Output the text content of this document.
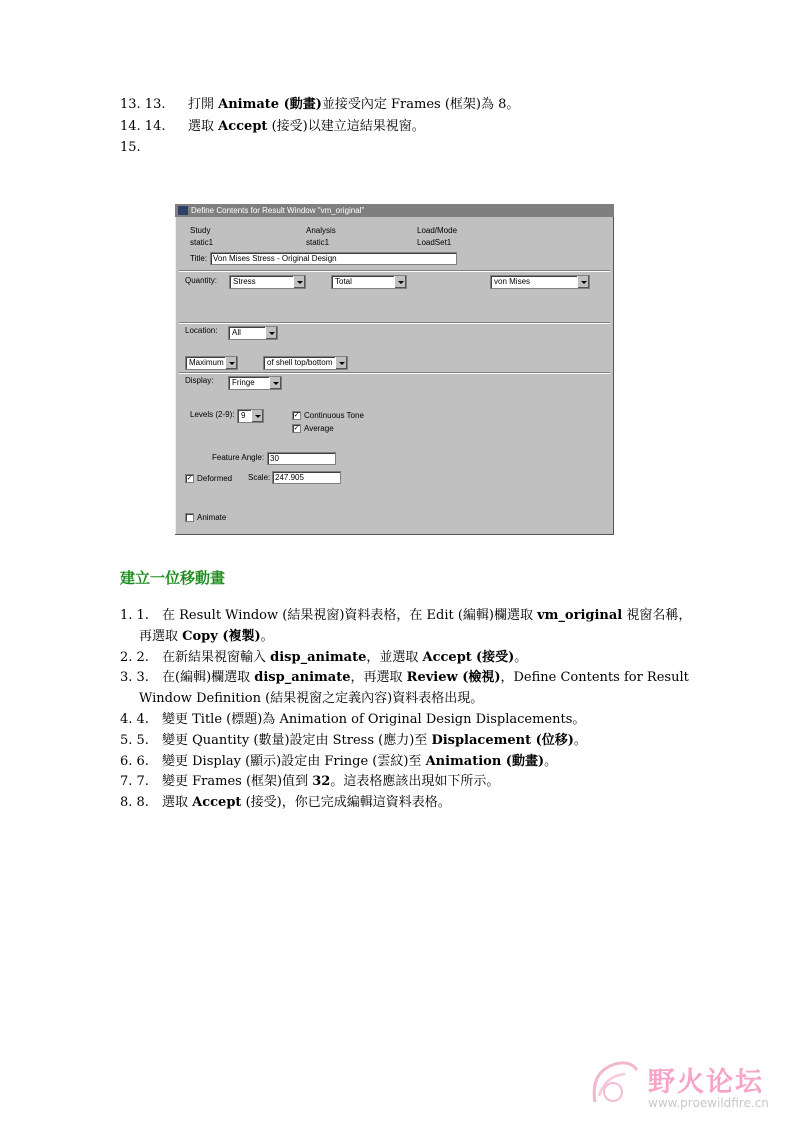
13. 13. 打開 Animate (動畫)並接受內定 Frames (框架)為 8。
14. 14. 選取 Accept (接受)以建立這結果視窗。
15.
Define Contents for Result Window "vm_original"
Study
static1
Analysis
static1
Load/Mode
LoadSet1
Title: Von Mises Stress - Original Design
Quantity:	Stress	Total	von Mises
Location:	All
Maximum	of shell top/bottom
Display:	Fringe
Levels (2-9): 9	✓ Continuous Tone
✓ Average
Feature Angle: 30
✓ Deformed Scale: 247.905
Animate
建立一位移動畫
1. 1. 在 Result Window (結果視窗)資料表格，在 Edit (編輯)欄選取 vm_original 視窗名稱，
再選取 Copy (複製)。
2. 2. 在新結果視窗輸入 disp_animate，並選取 Accept (接受)。
3. 3. 在(編輯)欄選取 disp_animate，再選取 Review (檢視)，Define Contents for Result
Window Definition (結果視窗之定義內容)資料表格出現。
4. 4. 變更 Title (標題)為 Animation of Original Design Displacements。
5. 5. 變更 Quantity (數量)設定由 Stress (應力)至 Displacement (位移)。
6. 6. 變更 Display (顯示)設定由 Fringe (雲紋)至 Animation (動畫)。
7. 7. 變更 Frames (框架)值到 32。這表格應該出現如下所示。
8. 8. 選取 Accept (接受)，你已完成編輯這資料表格。
野火论坛
www.proewildfire.cn
